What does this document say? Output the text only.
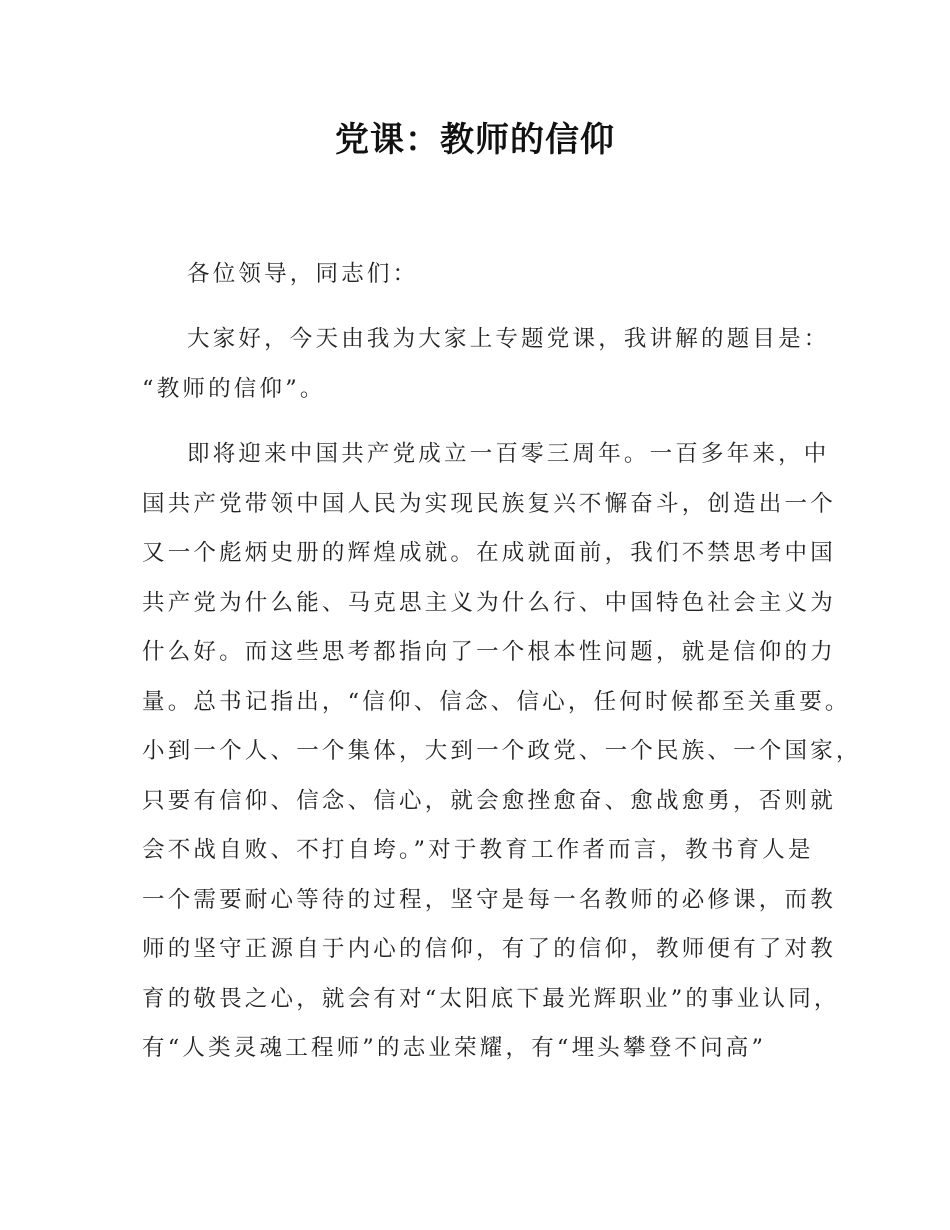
党课：教师的信仰

各位领导，同志们：

大家好，今天由我为大家上专题党课，我讲解的题目是：
“教师的信仰”。
即将迎来中国共产党成立一百零三周年。一百多年来，中
国共产党带领中国人民为实现民族复兴不懈奋斗，创造出一个
又一个彪炳史册的辉煌成就。在成就面前，我们不禁思考中国
共产党为什么能、马克思主义为什么行、中国特色社会主义为
什么好。而这些思考都指向了一个根本性问题，就是信仰的力
量。总书记指出，“信仰、信念、信心，任何时候都至关重要。
小到一个人、一个集体，大到一个政党、一个民族、一个国家，
只要有信仰、信念、信心，就会愈挫愈奋、愈战愈勇，否则就
会不战自败、不打自垮。”对于教育工作者而言，教书育人是
一个需要耐心等待的过程，坚守是每一名教师的必修课，而教
师的坚守正源自于内心的信仰，有了的信仰，教师便有了对教
育的敬畏之心，就会有对“太阳底下最光辉职业”的事业认同，
有“人类灵魂工程师”的志业荣耀，有“埋头攀登不问高”
